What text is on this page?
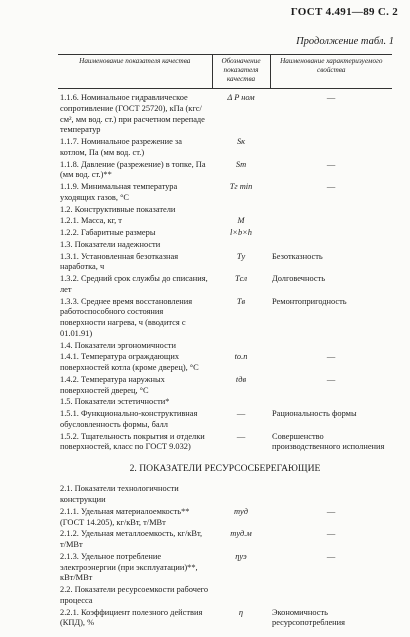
ГОСТ 4.491—89 С. 2
Продолжение табл. 1
Наименование показателя качества	Обозначение показателя качества	Наименование характеризуемого свойства
1.1.6. Номинальное гидравлическое сопротивление (ГОСТ 25720), кПа (кгс/см², мм вод. ст.) при расчетном перепаде температур	Δ P ном	—
1.1.7. Номинальное разрежение за котлом, Па (мм вод. ст.)	Sк	
1.1.8. Давление (разрежение) в топке, Па (мм вод. ст.)**	Sт	—
1.1.9. Минимальная температура уходящих газов, °С	Tг min	—
1.2. Конструктивные показатели		
1.2.1. Масса, кг, т	M	
1.2.2. Габаритные размеры	l×b×h	
1.3. Показатели надежности		
1.3.1. Установленная безотказная наработка, ч	Tу	Безотказность
1.3.2. Средний срок службы до списания, лет	Tсл	Долговечность
1.3.3. Среднее время восстановления работоспособного состояния поверхности нагрева, ч (вводится с 01.01.91)	Tв	Ремонтопригодность
1.4. Показатели эргономичности		
1.4.1. Температура ограждающих поверхностей котла (кроме дверец), °С	tо.п	—
1.4.2. Температура наружных поверхностей дверец, °С	tдв	—
1.5. Показатели эстетичности*		
1.5.1. Функционально-конструктивная обусловленность формы, балл	—	Рациональность формы
1.5.2. Тщательность покрытия и отделки поверхностей, класс по ГОСТ 9.032)	—	Совершенство производственного исполнения
2. ПОКАЗАТЕЛИ РЕСУРСОСБЕРЕГАЮЩИЕ		
2.1. Показатели технологичности конструкции		
2.1.1. Удельная материалоемкость** (ГОСТ 14.205), кг/кВт, т/МВт	mуд	—
2.1.2. Удельная металлоемкость, кг/кВт, т/МВт	mуд.м	—
2.1.3. Удельное потребление электроэнергии (при эксплуатации)**, кВт/МВт	ηуэ	—
2.2. Показатели ресурсоемкости рабочего процесса		
2.2.1. Коэффициент полезного действия (КПД), %	η	Экономичность ресурсопотребления
